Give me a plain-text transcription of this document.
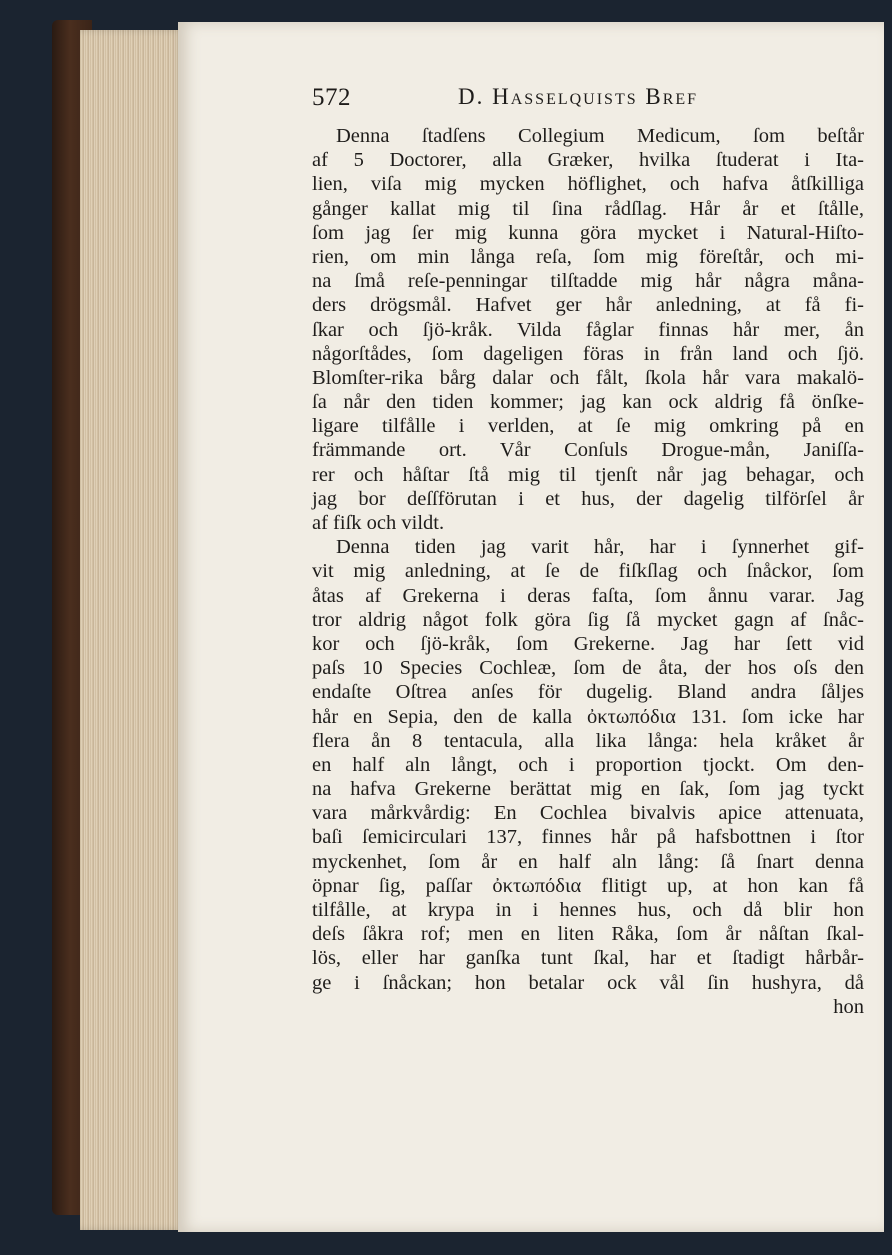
572	D. Hasselquists Bref
Denna ſtadſens Collegium Medicum, ſom beſtår
af 5 Doctorer, alla Græker, hvilka ſtuderat i Ita-
lien, viſa mig mycken höflighet, och hafva åtſkilliga
gånger kallat mig til ſina rådſlag. Hår år et ſtålle,
ſom jag ſer mig kunna göra mycket i Natural-Hiſto-
rien, om min långa reſa, ſom mig föreſtår, och mi-
na ſmå reſe-penningar tilſtadde mig hår några måna-
ders drögsmål. Hafvet ger hår anledning, at få fi-
ſkar och ſjö-kråk. Vilda fåglar finnas hår mer, ån
någorſtådes, ſom dageligen föras in från land och ſjö.
Blomſter-rika bårg dalar och fålt, ſkola hår vara makalö-
ſa når den tiden kommer; jag kan ock aldrig få önſke-
ligare tilfålle i verlden, at ſe mig omkring på en
främmande ort. Vår Conſuls Drogue-mån, Janiſſa-
rer och håſtar ſtå mig til tjenſt når jag behagar, och
jag bor deſſförutan i et hus, der dagelig tilförſel år
af fiſk och vildt.
Denna tiden jag varit hår, har i ſynnerhet gif-
vit mig anledning, at ſe de fiſkſlag och ſnåckor, ſom
åtas af Grekerna i deras faſta, ſom ånnu varar. Jag
tror aldrig något folk göra ſig ſå mycket gagn af ſnåc-
kor och ſjö-kråk, ſom Grekerne. Jag har ſett vid
paſs 10 Species Cochleæ, ſom de åta, der hos oſs den
endaſte Oſtrea anſes för dugelig. Bland andra ſåljes
hår en Sepia, den de kalla ὀκτωπόδια 131. ſom icke har
flera ån 8 tentacula, alla lika långa: hela kråket år
en half aln långt, och i proportion tjockt. Om den-
na hafva Grekerne berättat mig en ſak, ſom jag tyckt
vara mårkvårdig: En Cochlea bivalvis apice attenuata,
baſi ſemicirculari 137, finnes hår på hafsbottnen i ſtor
myckenhet, ſom år en half aln lång: ſå ſnart denna
öpnar ſig, paſſar ὀκτωπόδια flitigt up, at hon kan få
tilfålle, at krypa in i hennes hus, och då blir hon
deſs ſåkra rof; men en liten Råka, ſom år nåſtan ſkal-
lös, eller har ganſka tunt ſkal, har et ſtadigt hårbår-
ge i ſnåckan; hon betalar ock vål ſin hushyra, då
hon
